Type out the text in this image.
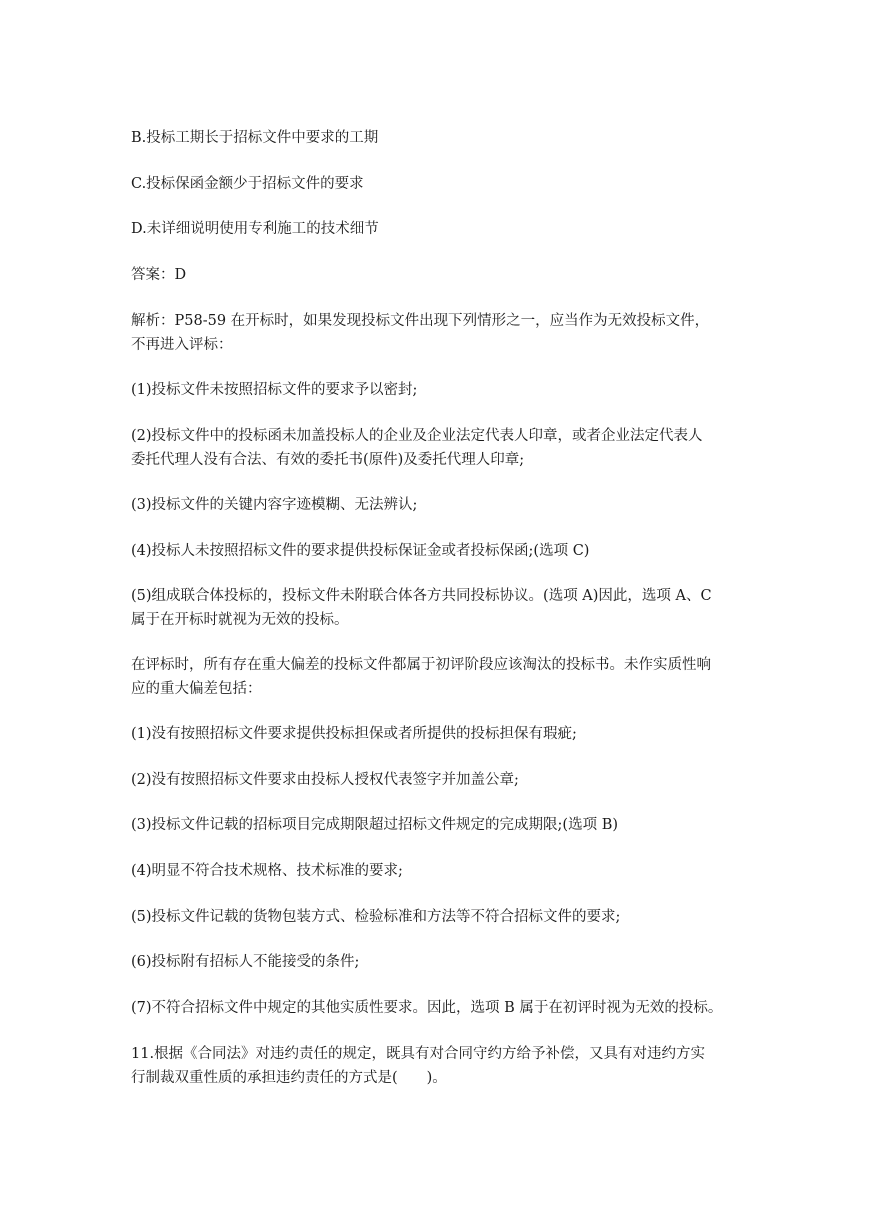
B.投标工期长于招标文件中要求的工期

C.投标保函金额少于招标文件的要求

D.未详细说明使用专利施工的技术细节

答案：D

解析：P58-59 在开标时，如果发现投标文件出现下列情形之一，应当作为无效投标文件，
不再进入评标：

(1)投标文件未按照招标文件的要求予以密封;

(2)投标文件中的投标函未加盖投标人的企业及企业法定代表人印章，或者企业法定代表人
委托代理人没有合法、有效的委托书(原件)及委托代理人印章;

(3)投标文件的关键内容字迹模糊、无法辨认;

(4)投标人未按照招标文件的要求提供投标保证金或者投标保函;(选项 C)

(5)组成联合体投标的，投标文件未附联合体各方共同投标协议。(选项 A)因此，选项 A、C
属于在开标时就视为无效的投标。

在评标时，所有存在重大偏差的投标文件都属于初评阶段应该淘汰的投标书。未作实质性响
应的重大偏差包括：

(1)没有按照招标文件要求提供投标担保或者所提供的投标担保有瑕疵;

(2)没有按照招标文件要求由投标人授权代表签字并加盖公章;

(3)投标文件记载的招标项目完成期限超过招标文件规定的完成期限;(选项 B)

(4)明显不符合技术规格、技术标准的要求;

(5)投标文件记载的货物包装方式、检验标准和方法等不符合招标文件的要求;

(6)投标附有招标人不能接受的条件;

(7)不符合招标文件中规定的其他实质性要求。因此，选项 B 属于在初评时视为无效的投标。

11.根据《合同法》对违约责任的规定，既具有对合同守约方给予补偿，又具有对违约方实
行制裁双重性质的承担违约责任的方式是(　　)。
